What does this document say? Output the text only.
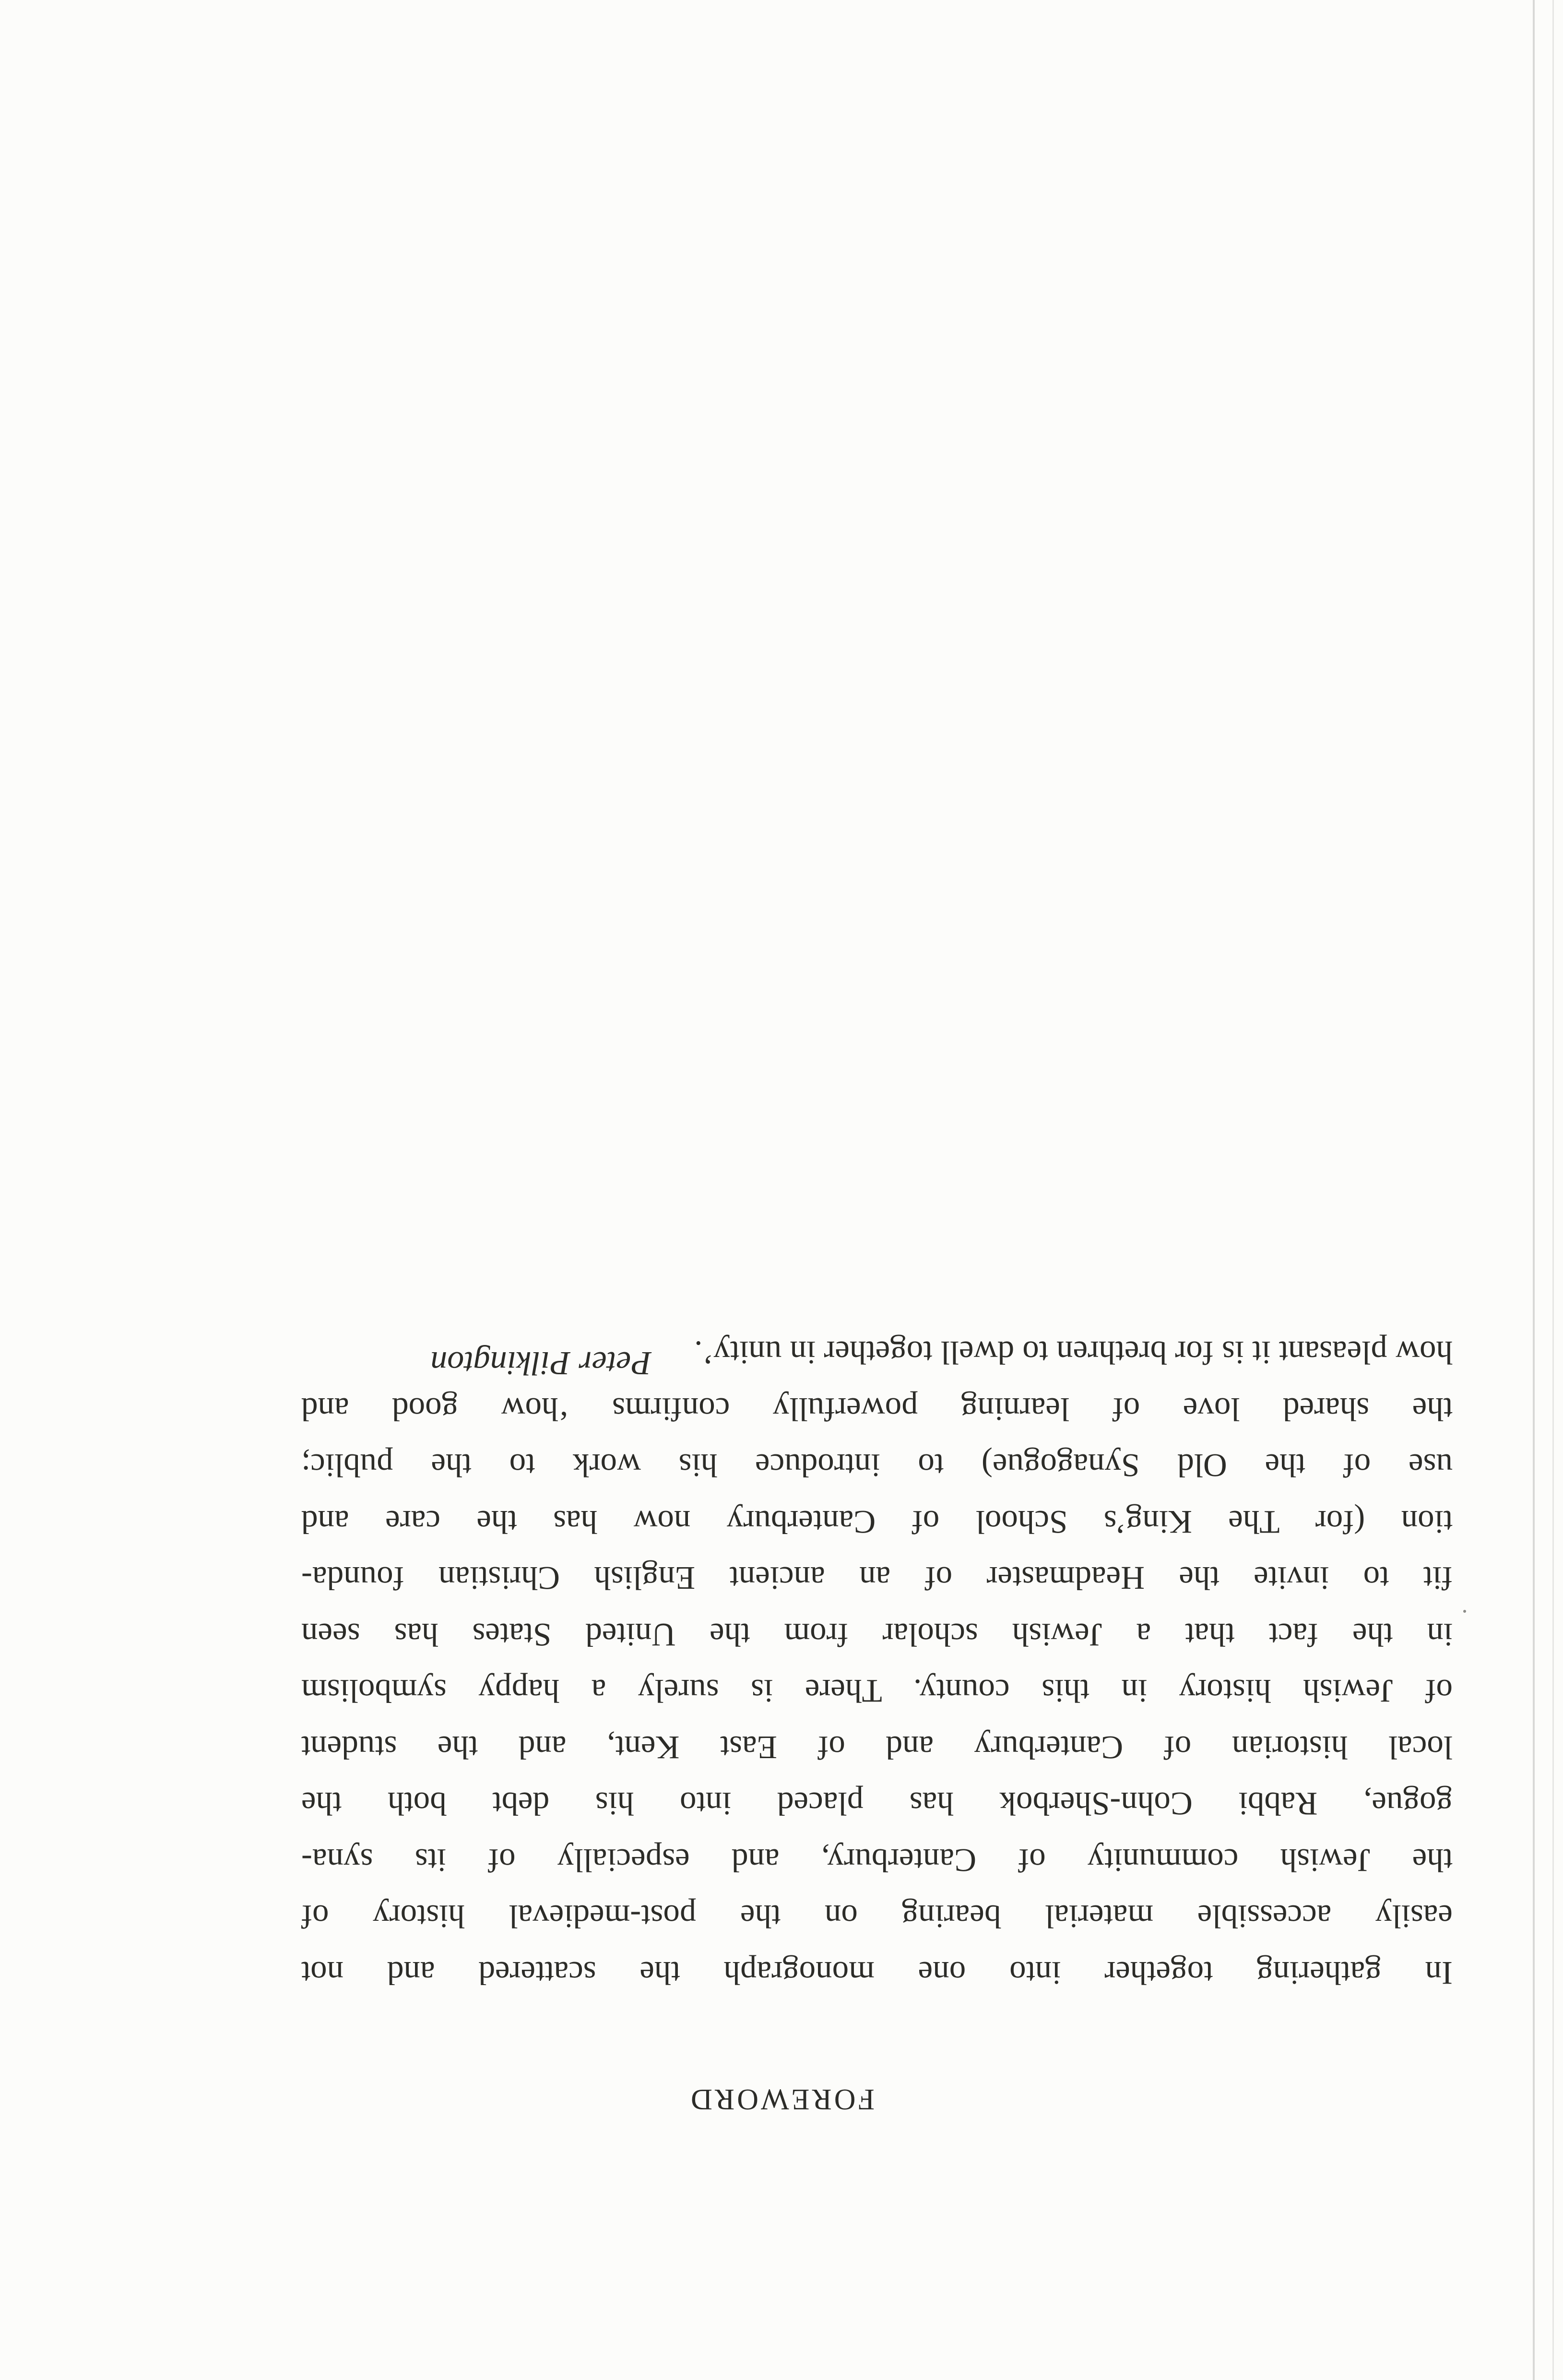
FOREWORD
In gathering together into one monograph the scattered and not
easily accessible material bearing on the post-medieval history of
the Jewish community of Canterbury, and especially of its syna-
gogue, Rabbi Cohn-Sherbok has placed into his debt both the
local historian of Canterbury and of East Kent, and the student
of Jewish history in this county. There is surely a happy symbolism
in the fact that a Jewish scholar from the United States has seen
fit to invite the Headmaster of an ancient English Christian founda-
tion (for The King’s School of Canterbury now has the care and
use of the Old Synagogue) to introduce his work to the public;
the shared love of learning powerfully confirms ‘how good and
how pleasant it is for brethren to dwell together in unity’.
Peter Pilkington
